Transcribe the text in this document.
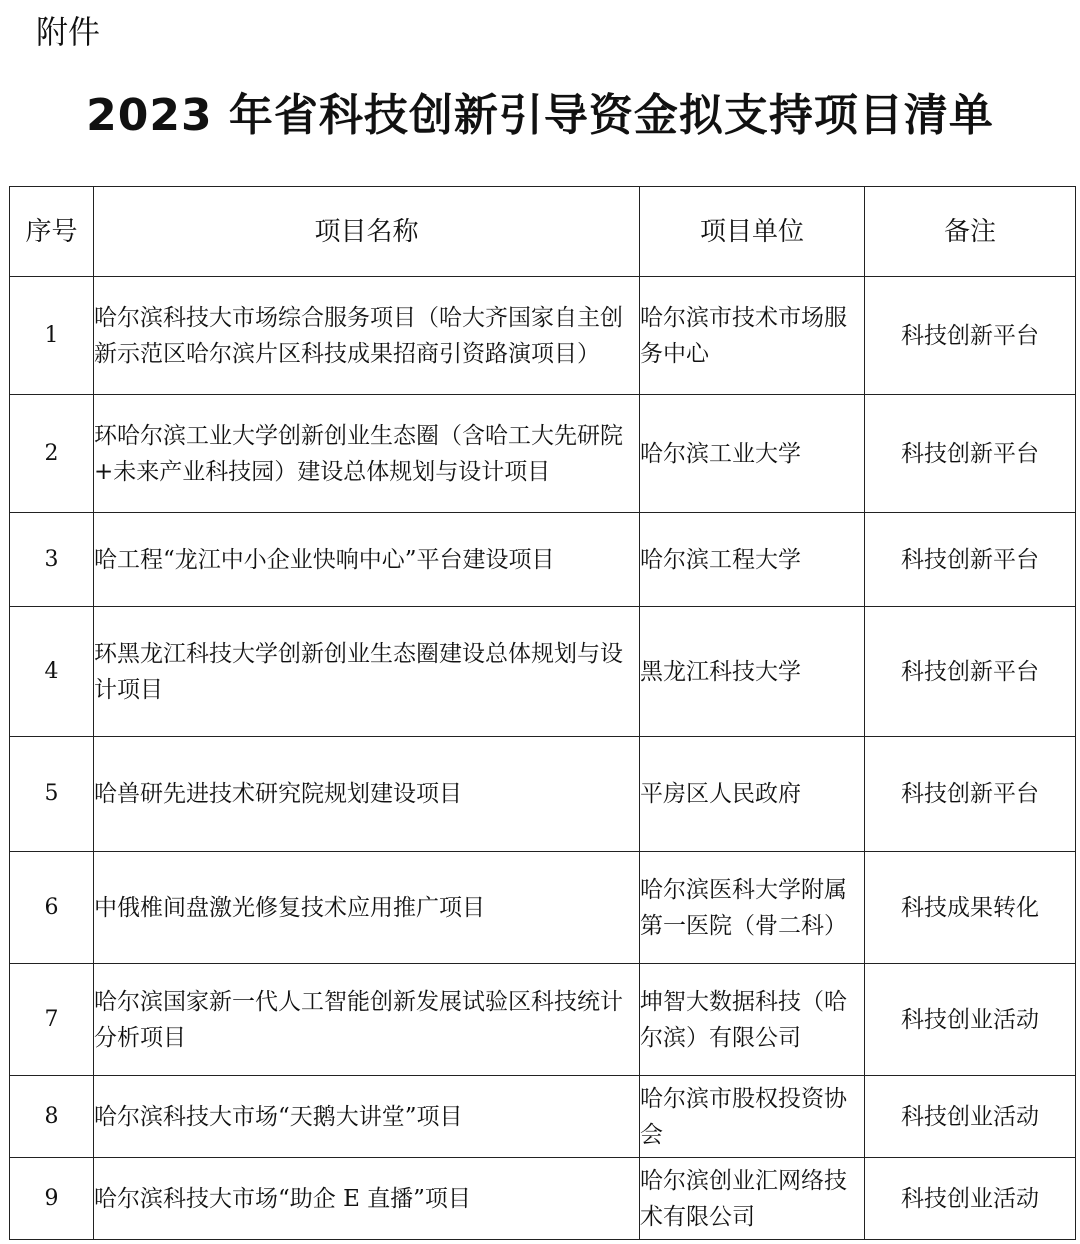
附件
2023 年省科技创新引导资金拟支持项目清单
序号	项目名称	项目单位	备注
1	哈尔滨科技大市场综合服务项目（哈大齐国家自主创新示范区哈尔滨片区科技成果招商引资路演项目）	哈尔滨市技术市场服务中心	科技创新平台
2	环哈尔滨工业大学创新创业生态圈（含哈工大先研院+未来产业科技园）建设总体规划与设计项目	哈尔滨工业大学	科技创新平台
3	哈工程“龙江中小企业快响中心”平台建设项目	哈尔滨工程大学	科技创新平台
4	环黑龙江科技大学创新创业生态圈建设总体规划与设计项目	黑龙江科技大学	科技创新平台
5	哈兽研先进技术研究院规划建设项目	平房区人民政府	科技创新平台
6	中俄椎间盘激光修复技术应用推广项目	哈尔滨医科大学附属第一医院（骨二科）	科技成果转化
7	哈尔滨国家新一代人工智能创新发展试验区科技统计分析项目	坤智大数据科技（哈尔滨）有限公司	科技创业活动
8	哈尔滨科技大市场“天鹅大讲堂”项目	哈尔滨市股权投资协会	科技创业活动
9	哈尔滨科技大市场“助企 E 直播”项目	哈尔滨创业汇网络技术有限公司	科技创业活动
